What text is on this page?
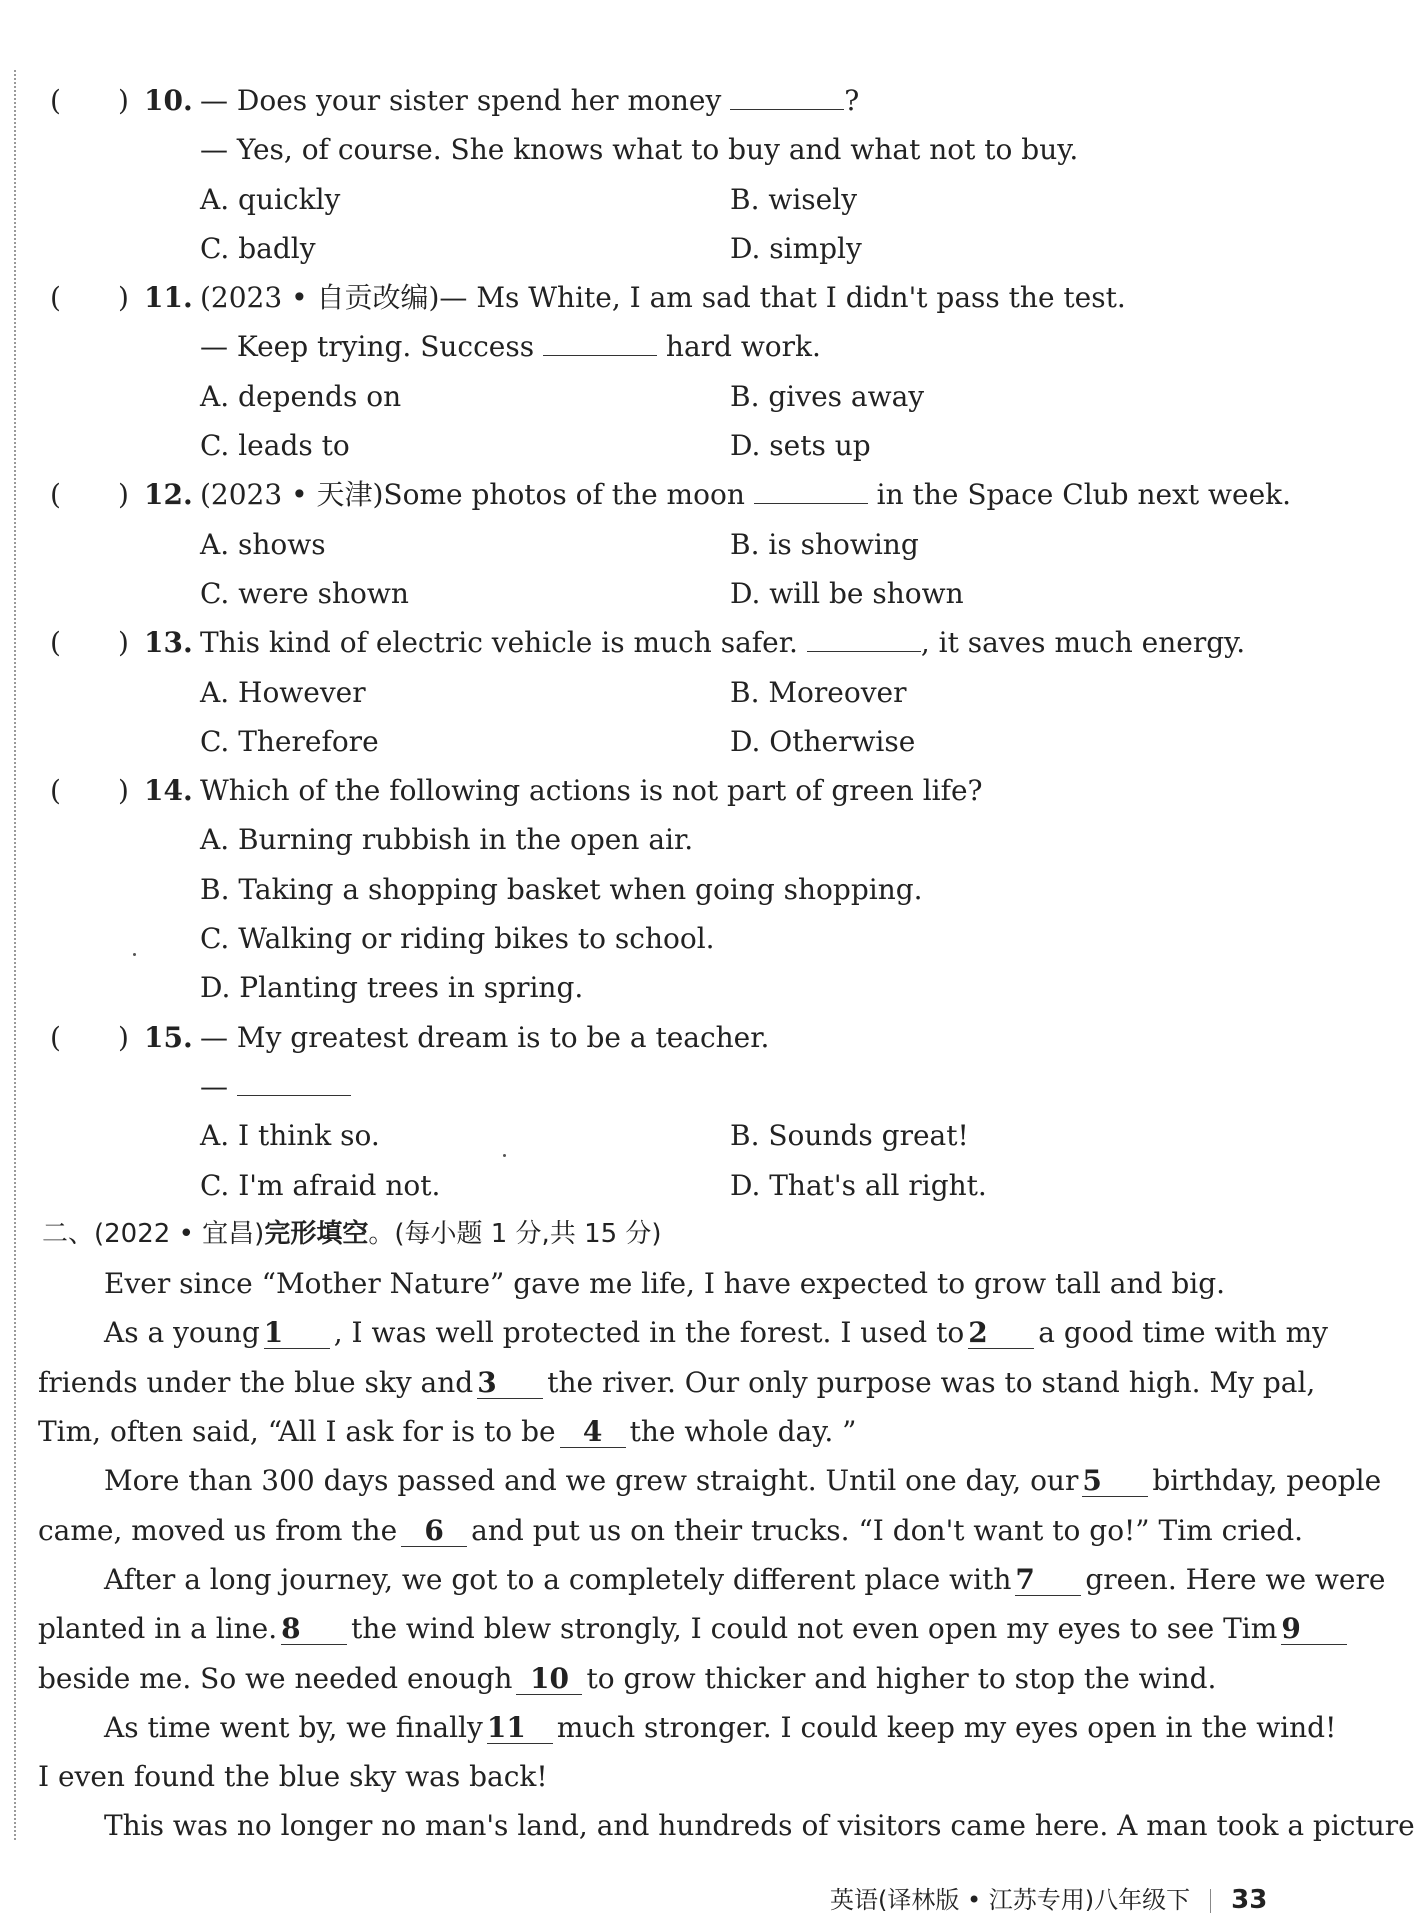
( ) 10. — Does your sister spend her money	?
— Yes, of course. She knows what to buy and what not to buy.
A. quickly	B. wisely
C. badly	D. simply
( ) 11. (2023 • 自贡改编)— Ms White, I am sad that I didn't pass the test.
— Keep trying. Success	hard work.
A. depends on	B. gives away
C. leads to	D. sets up
( ) 12. (2023 • 天津)Some photos of the moon	in the Space Club next week.
A. shows	B. is showing
C. were shown	D. will be shown
( ) 13. This kind of electric vehicle is much safer.	, it saves much energy.
A. However	B. Moreover
C. Therefore	D. Otherwise
( ) 14. Which of the following actions is not part of green life?
A. Burning rubbish in the open air.
B. Taking a shopping basket when going shopping.
C. Walking or riding bikes to school.
D. Planting trees in spring.
( ) 15. — My greatest dream is to be a teacher.
—
A. I think so.	B. Sounds great!
C. I'm afraid not.	D. That's all right.
二、(2022 • 宜昌)完形填空。(每小题 1 分,共 15 分)
Ever since “Mother Nature” gave me life, I have expected to grow tall and big.
As a young 1 , I was well protected in the forest. I used to 2 a good time with my
friends under the blue sky and 3 the river. Our only purpose was to stand high. My pal,
Tim, often said, “All I ask for is to be 4 the whole day. ”
More than 300 days passed and we grew straight. Until one day, our 5 birthday, people
came, moved us from the 6 and put us on their trucks. “I don't want to go!” Tim cried.
After a long journey, we got to a completely different place with 7 green. Here we were
planted in a line. 8 the wind blew strongly, I could not even open my eyes to see Tim 9
beside me. So we needed enough 10 to grow thicker and higher to stop the wind.
As time went by, we finally 11 much stronger. I could keep my eyes open in the wind!
I even found the blue sky was back!
This was no longer no man's land, and hundreds of visitors came here. A man took a picture
英语(译林版 • 江苏专用)八年级下 33
